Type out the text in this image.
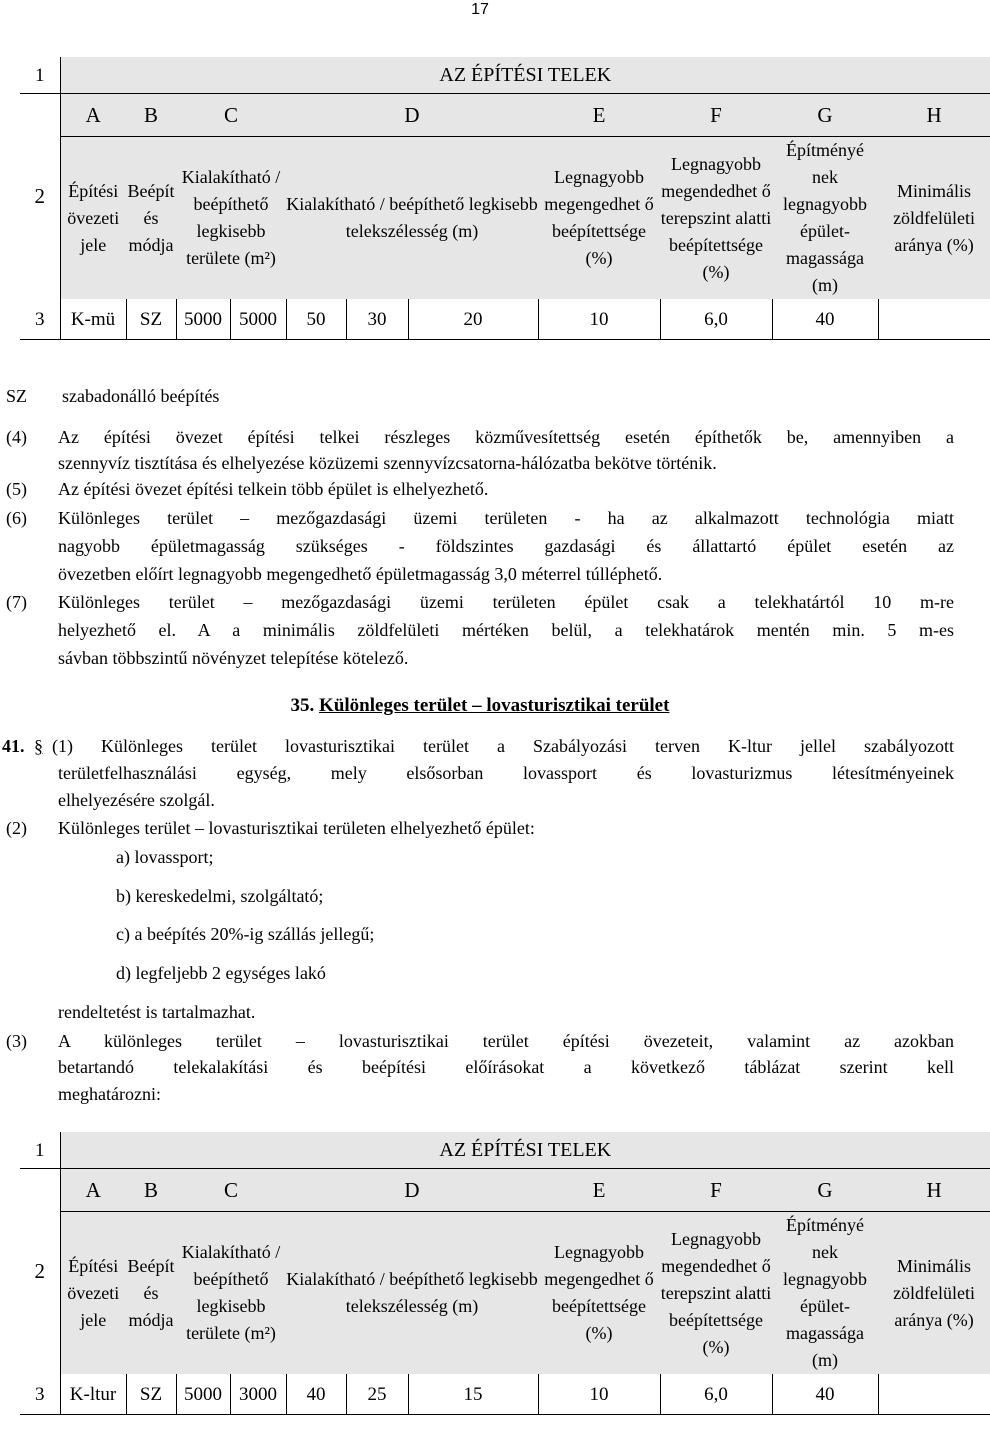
17
1	AZ ÉPÍTÉSI TELEK										
2	A	B	C		D			E	F	G	H
	Építési övezeti jele	Beépít és módja	Kialakítható / beépíthető legkisebb területe (m²)		Kialakítható / beépíthető legkisebb telekszélesség (m)			Legnagyobb megengedhet ő beépítettsége (%)	Legnagyobb megendedhet ő terepszint alatti beépítettsége (%)	Építményé nek legnagyobb épület-magassága (m)	Minimális zöldfelületi aránya (%)
3	K-mü	SZ	5000	5000	50	30	20	10	6,0	40	
SZ szabadonálló beépítés
(4) Az építési övezet építési telkei részleges közművesítettség esetén építhetők be, amennyiben a
szennyvíz tisztítása és elhelyezése közüzemi szennyvízcsatorna-hálózatba bekötve történik.
(5) Az építési övezet építési telkein több épület is elhelyezhető.
(6) Különleges terület – mezőgazdasági üzemi területen - ha az alkalmazott technológia miatt
nagyobb épületmagasság szükséges - földszintes gazdasági és állattartó épület esetén az
övezetben előírt legnagyobb megengedhető épületmagasság 3,0 méterrel túlléphető.
(7) Különleges terület – mezőgazdasági üzemi területen épület csak a telekhatártól 10 m-re
helyezhető el. A a minimális zöldfelületi mértéken belül, a telekhatárok mentén min. 5 m-es
sávban többszintű növényzet telepítése kötelező.
35. Különleges terület – lovasturisztikai terület
41. § (1) Különleges terület lovasturisztikai terület a Szabályozási terven K-ltur jellel szabályozott
területfelhasználási egység, mely elsősorban lovassport és lovasturizmus létesítményeinek
elhelyezésére szolgál.
(2) Különleges terület – lovasturisztikai területen elhelyezhető épület:
a) lovassport;
b) kereskedelmi, szolgáltató;
c) a beépítés 20%-ig szállás jellegű;
d) legfeljebb 2 egységes lakó
rendeltetést is tartalmazhat.
(3) A különleges terület – lovasturisztikai terület építési övezeteit, valamint az azokban
betartandó telekalakítási és beépítési előírásokat a következő táblázat szerint kell
meghatározni:
1	AZ ÉPÍTÉSI TELEK										
2	A	B	C		D			E	F	G	H
	Építési övezeti jele	Beépít és módja	Kialakítható / beépíthető legkisebb területe (m²)		Kialakítható / beépíthető legkisebb telekszélesség (m)			Legnagyobb megengedhet ő beépítettsége (%)	Legnagyobb megendedhet ő terepszint alatti beépítettsége (%)	Építményé nek legnagyobb épület-magassága (m)	Minimális zöldfelületi aránya (%)
3	K-ltur	SZ	5000	3000	40	25	15	10	6,0	40	
